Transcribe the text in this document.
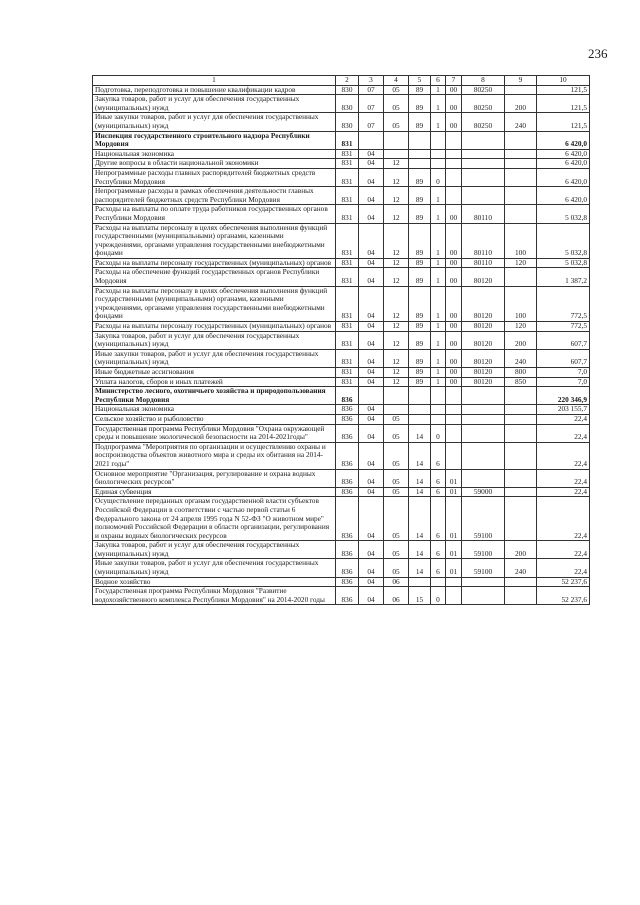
236
1	2	3	4	5	6	7	8	9	10
Подготовка, переподготовка и повышение квалификации кадров	830	07	05	89	1	00	80250		121,5
Закупка товаров, работ и услуг для обеспечения государственных (муниципальных) нужд	830	07	05	89	1	00	80250	200	121,5
Иные закупки товаров, работ и услуг для обеспечения государственных (муниципальных) нужд	830	07	05	89	1	00	80250	240	121,5
Инспекция государственного строительного надзора Республики Мордовия	831								6 420,0
Национальная экономика	831	04							6 420,0
Другие вопросы в области национальной экономики	831	04	12						6 420,0
Непрограммные расходы главных распорядителей бюджетных средств Республики Мордовия	831	04	12	89	0				6 420,0
Непрограммные расходы в рамках обеспечения деятельности главных распорядителей бюджетных средств Республики Мордовия	831	04	12	89	1				6 420,0
Расходы на выплаты по оплате труда работников государственных органов Республики Мордовия	831	04	12	89	1	00	80110		5 032,8
Расходы на выплаты персоналу в целях обеспечения выполнения функций государственными (муниципальными) органами, казенными учреждениями, органами управления государственными внебюджетными фондами	831	04	12	89	1	00	80110	100	5 032,8
Расходы на выплаты персоналу государственных (муниципальных) органов	831	04	12	89	1	00	80110	120	5 032,8
Расходы на обеспечение функций государственных органов Республики Мордовия	831	04	12	89	1	00	80120		1 387,2
Расходы на выплаты персоналу в целях обеспечения выполнения функций государственными (муниципальными) органами, казенными учреждениями, органами управления государственными внебюджетными фондами	831	04	12	89	1	00	80120	100	772,5
Расходы на выплаты персоналу государственных (муниципальных) органов	831	04	12	89	1	00	80120	120	772,5
Закупка товаров, работ и услуг для обеспечения государственных (муниципальных) нужд	831	04	12	89	1	00	80120	200	607,7
Иные закупки товаров, работ и услуг для обеспечения государственных (муниципальных) нужд	831	04	12	89	1	00	80120	240	607,7
Иные бюджетные ассигнования	831	04	12	89	1	00	80120	800	7,0
Уплата налогов, сборов и иных платежей	831	04	12	89	1	00	80120	850	7,0
Министерство лесного, охотничьего хозяйства и природопользования Республики Мордовия	836								220 346,9
Национальная экономика	836	04							203 155,7
Сельское хозяйство и рыболовство	836	04	05						22,4
Государственная программа Республики Мордовия "Охрана окружающей среды и повышение экологической безопасности на 2014-2021годы"	836	04	05	14	0				22,4
Подпрограмма "Мероприятия по организации и осуществлению охраны и воспроизводства объектов животного мира и среды их обитания на 2014-2021 годы"	836	04	05	14	6				22,4
Основное мероприятие "Организация, регулирование и охрана водных биологических ресурсов"	836	04	05	14	6	01			22,4
Единая субвенция	836	04	05	14	6	01	59000		22,4
Осуществление переданных органам государственной власти субъектов Российской Федерации в соответствии с частью первой статьи 6 Федерального закона от 24 апреля 1995 года N 52-ФЗ "О животном мире" полномочий Российской Федерации в области организации, регулирования и охраны водных биологических ресурсов	836	04	05	14	6	01	59100		22,4
Закупка товаров, работ и услуг для обеспечения государственных (муниципальных) нужд	836	04	05	14	6	01	59100	200	22,4
Иные закупки товаров, работ и услуг для обеспечения государственных (муниципальных) нужд	836	04	05	14	6	01	59100	240	22,4
Водное хозяйство	836	04	06						52 237,6
Государственная программа Республики Мордовия "Развитие водохозяйственного комплекса Республики Мордовия" на 2014-2020 годы	836	04	06	15	0				52 237,6
